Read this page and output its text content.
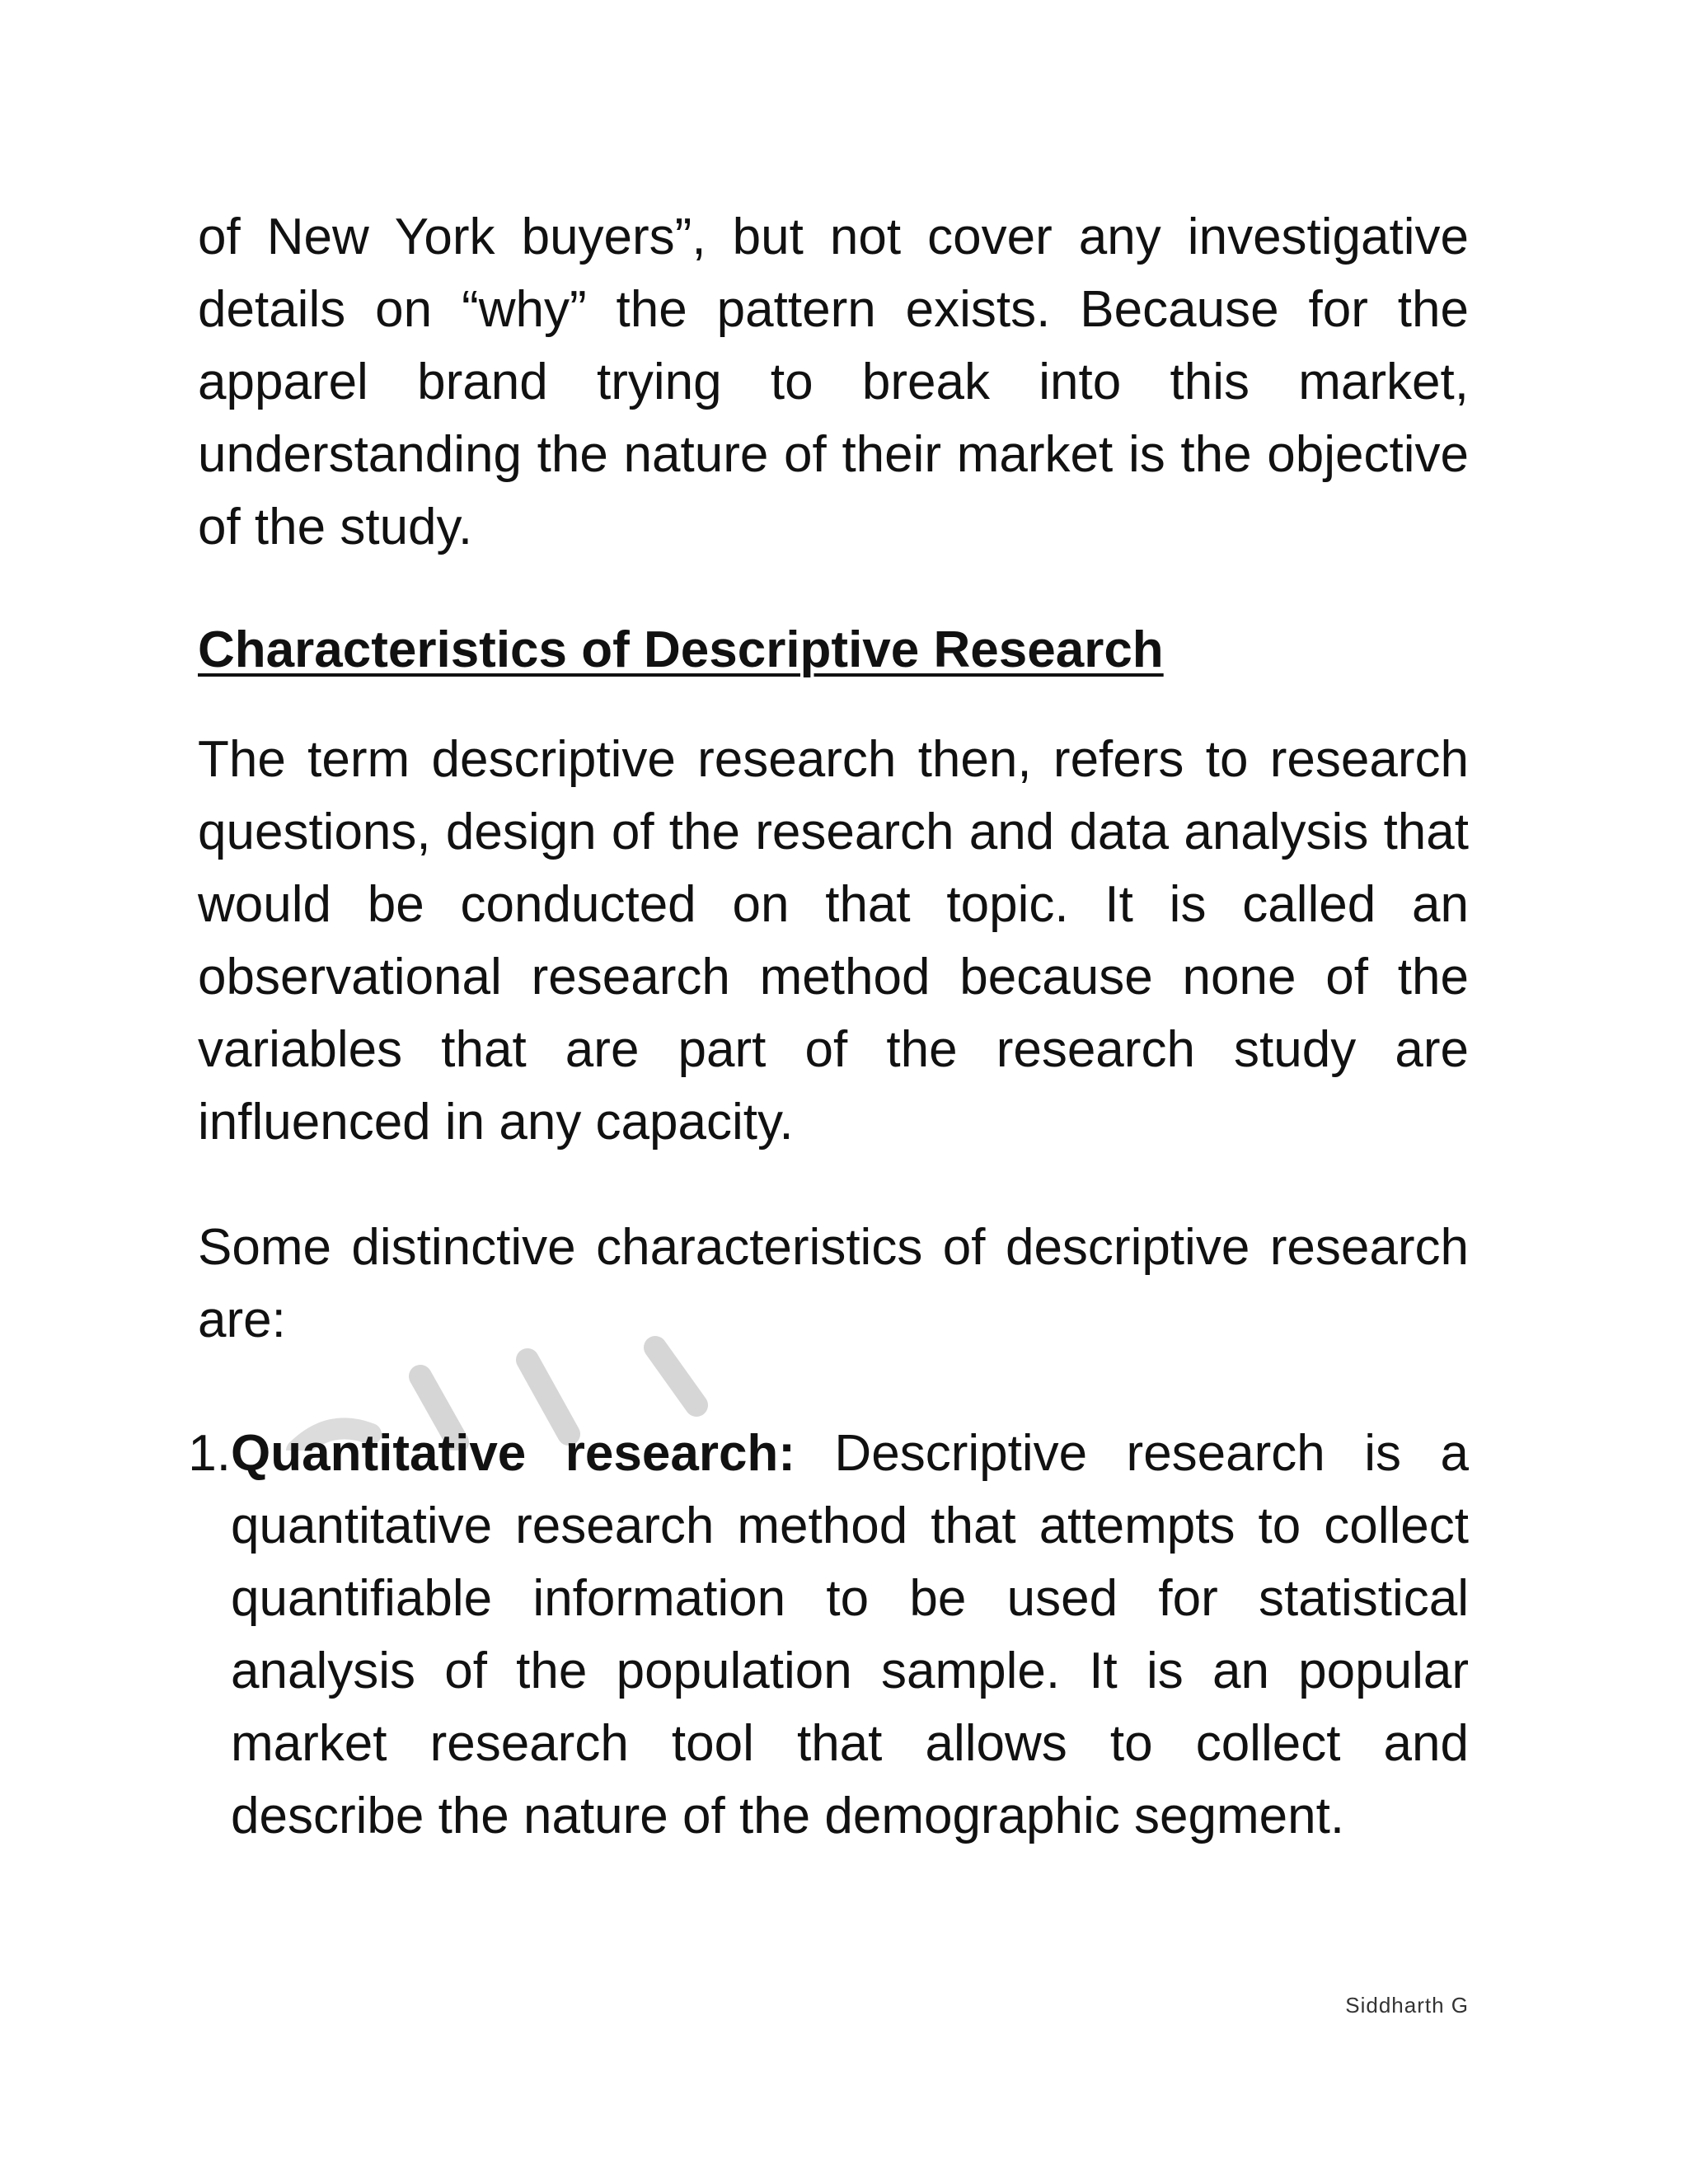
of New York buyers”, but not cover any investigative details on “why” the pattern exists. Because for the apparel brand trying to break into this market, understanding the nature of their market is the objective of the study.

Characteristics of Descriptive Research

The term descriptive research then, refers to research questions, design of the research and data analysis that would be conducted on that topic. It is called an observational research method because none of the variables that are part of the research study are influenced in any capacity.

Some distinctive characteristics of descriptive research are:

1. Quantitative research: Descriptive research is a quantitative research method that attempts to collect quantifiable information to be used for statistical analysis of the population sample. It is an popular market research tool that allows to collect and describe the nature of the demographic segment.
Siddharth G
